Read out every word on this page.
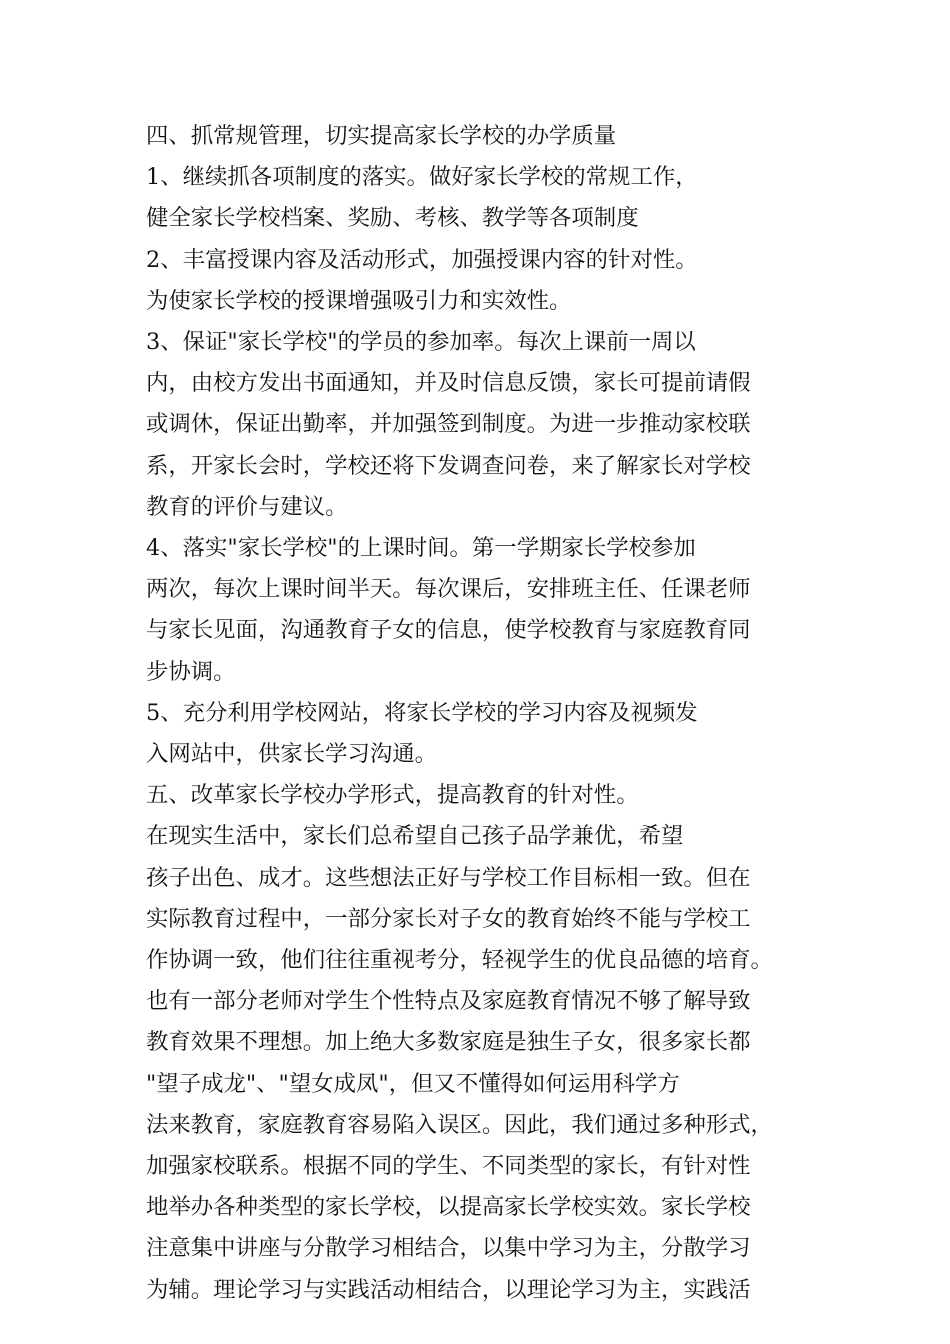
四、抓常规管理，切实提高家长学校的办学质量

1、继续抓各项制度的落实。做好家长学校的常规工作，
健全家长学校档案、奖励、考核、教学等各项制度

2、丰富授课内容及活动形式，加强授课内容的针对性。
为使家长学校的授课增强吸引力和实效性。

3、保证"家长学校"的学员的参加率。每次上课前一周以
内，由校方发出书面通知，并及时信息反馈，家长可提前请假
或调休，保证出勤率，并加强签到制度。为进一步推动家校联
系，开家长会时，学校还将下发调查问卷，来了解家长对学校
教育的评价与建议。

4、落实"家长学校"的上课时间。第一学期家长学校参加
两次，每次上课时间半天。每次课后，安排班主任、任课老师
与家长见面，沟通教育子女的信息，使学校教育与家庭教育同
步协调。

5、充分利用学校网站，将家长学校的学习内容及视频发
入网站中，供家长学习沟通。

五、改革家长学校办学形式，提高教育的针对性。

在现实生活中，家长们总希望自己孩子品学兼优，希望
孩子出色、成才。这些想法正好与学校工作目标相一致。但在
实际教育过程中，一部分家长对子女的教育始终不能与学校工
作协调一致，他们往往重视考分，轻视学生的优良品德的培育。
也有一部分老师对学生个性特点及家庭教育情况不够了解导致
教育效果不理想。加上绝大多数家庭是独生子女，很多家长都

"望子成龙"、"望女成凤"，但又不懂得如何运用科学方
法来教育，家庭教育容易陷入误区。因此，我们通过多种形式，
加强家校联系。根据不同的学生、不同类型的家长，有针对性
地举办各种类型的家长学校，以提高家长学校实效。家长学校
注意集中讲座与分散学习相结合，以集中学习为主，分散学习
为辅。理论学习与实践活动相结合，以理论学习为主，实践活
